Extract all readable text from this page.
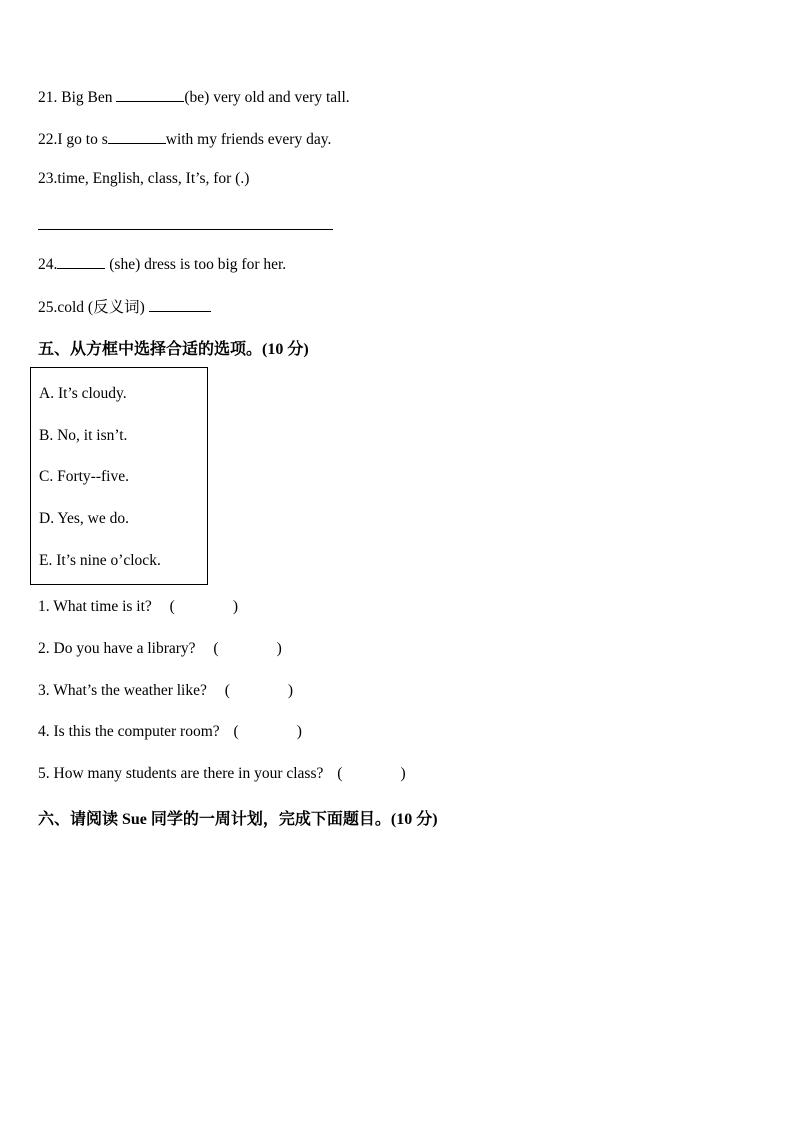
21. Big Ben	(be) very old and very tall.
22.I go to s	with my friends every day.
23.time, English, class, It’s, for (.)
24.	(she) dress is too big for her.
25.cold (反义词)
五、从方框中选择合适的选项。(10 分)
A. It’s cloudy.
B. No, it isn’t.
C. Forty--five.
D. Yes, we do.
E. It’s nine o’clock.
1. What time is it? (	)
2. Do you have a library? (	)
3. What’s the weather like? (	)
4. Is this the computer room? (	)
5. How many students are there in your class? (	)
六、请阅读 Sue 同学的一周计划，完成下面题目。(10 分)
